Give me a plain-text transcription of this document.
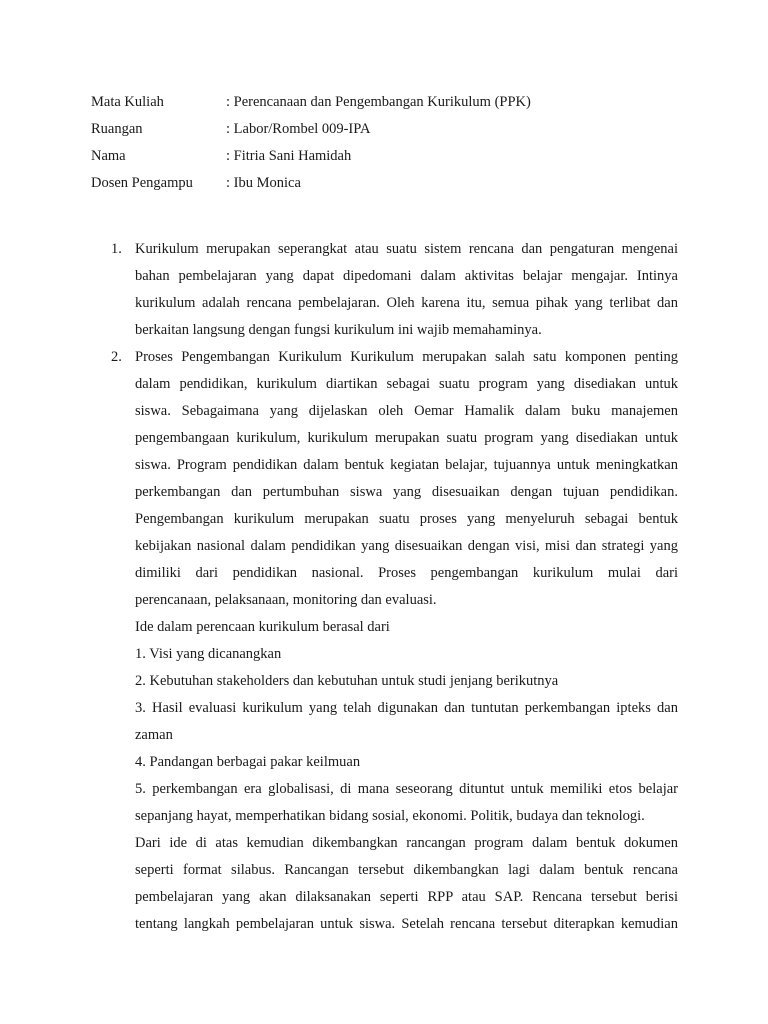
Mata Kuliah	: Perencanaan dan Pengembangan Kurikulum (PPK)
Ruangan	: Labor/Rombel 009-IPA
Nama	: Fitria Sani Hamidah
Dosen Pengampu : Ibu Monica
1. Kurikulum merupakan seperangkat atau suatu sistem rencana dan pengaturan mengenai
bahan pembelajaran yang dapat dipedomani dalam aktivitas belajar mengajar. Intinya
kurikulum adalah rencana pembelajaran. Oleh karena itu, semua pihak yang terlibat dan
berkaitan langsung dengan fungsi kurikulum ini wajib memahaminya.
2. Proses Pengembangan Kurikulum Kurikulum merupakan salah satu komponen penting
dalam pendidikan, kurikulum diartikan sebagai suatu program yang disediakan untuk
siswa. Sebagaimana yang dijelaskan oleh Oemar Hamalik dalam buku manajemen
pengembangaan kurikulum, kurikulum merupakan suatu program yang disediakan untuk
siswa. Program pendidikan dalam bentuk kegiatan belajar, tujuannya untuk meningkatkan
perkembangan dan pertumbuhan siswa yang disesuaikan dengan tujuan pendidikan.
Pengembangan kurikulum merupakan suatu proses yang menyeluruh sebagai bentuk
kebijakan nasional dalam pendidikan yang disesuaikan dengan visi, misi dan strategi yang
dimiliki dari pendidikan nasional. Proses pengembangan kurikulum mulai dari
perencanaan, pelaksanaan, monitoring dan evaluasi.
Ide dalam perencaan kurikulum berasal dari
1. Visi yang dicanangkan
2. Kebutuhan stakeholders dan kebutuhan untuk studi jenjang berikutnya
3. Hasil evaluasi kurikulum yang telah digunakan dan tuntutan perkembangan ipteks dan
zaman
4. Pandangan berbagai pakar keilmuan
5. perkembangan era globalisasi, di mana seseorang dituntut untuk memiliki etos belajar
sepanjang hayat, memperhatikan bidang sosial, ekonomi. Politik, budaya dan teknologi.
Dari ide di atas kemudian dikembangkan rancangan program dalam bentuk dokumen
seperti format silabus. Rancangan tersebut dikembangkan lagi dalam bentuk rencana
pembelajaran yang akan dilaksanakan seperti RPP atau SAP. Rencana tersebut berisi
tentang langkah pembelajaran untuk siswa. Setelah rencana tersebut diterapkan kemudian
